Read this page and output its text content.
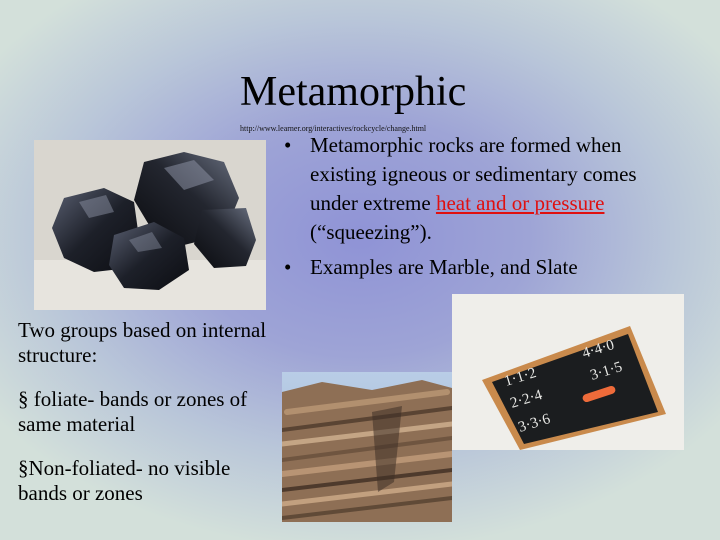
Metamorphic
http://www.learner.org/interactives/rockcycle/change.html
• Metamorphic rocks are formed when existing igneous or sedimentary comes under extreme heat and or pressure (“squeezing”).
• Examples are Marble, and Slate
1·1·2
2·2·4
3·3·6
4·4·0
3·1·5

Two groups based on internal structure:

§ foliate- bands or zones of same material

§Non-foliated- no visible bands or zones
